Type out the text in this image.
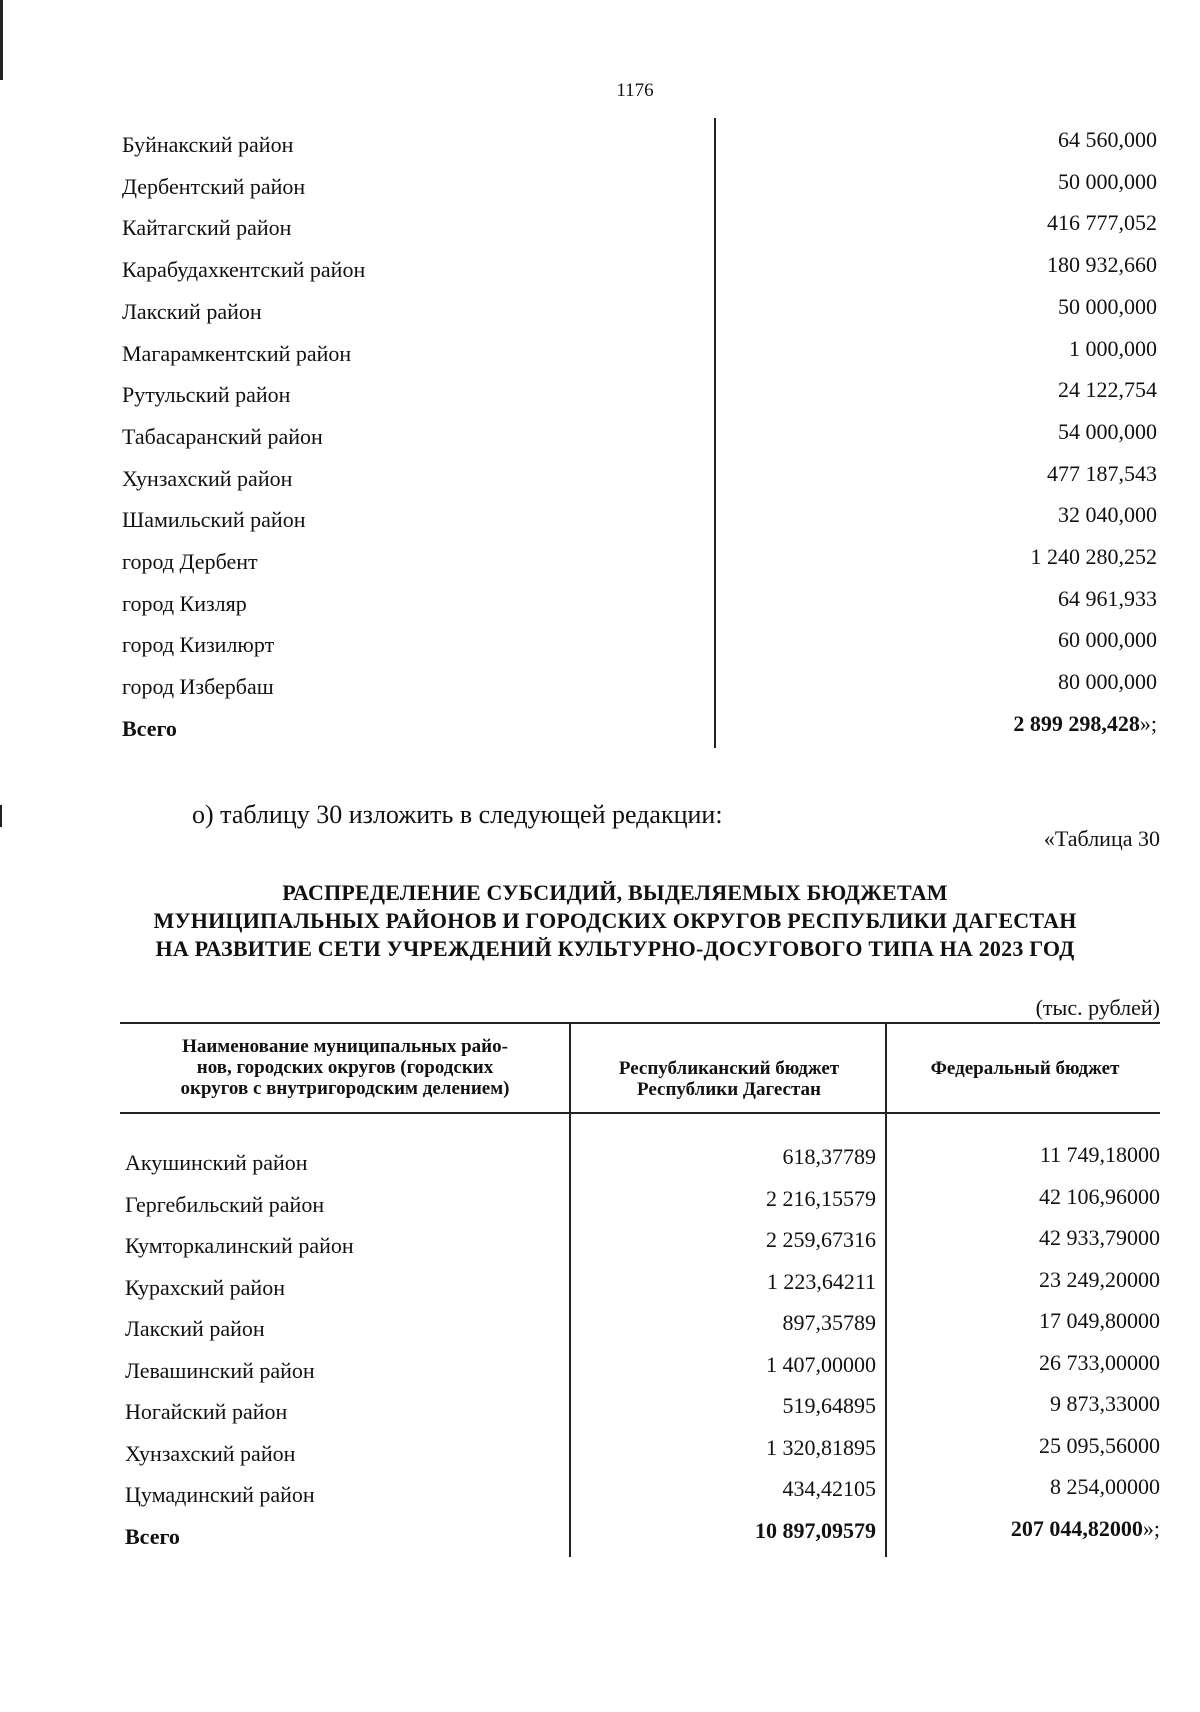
1176
Буйнакский район	64 560,000
Дербентский район	50 000,000
Кайтагский район	416 777,052
Карабудахкентский район	180 932,660
Лакский район	50 000,000
Магарамкентский район	1 000,000
Рутульский район	24 122,754
Табасаранский район	54 000,000
Хунзахский район	477 187,543
Шамильский район	32 040,000
город Дербент	1 240 280,252
город Кизляр	64 961,933
город Кизилюрт	60 000,000
город Избербаш	80 000,000
Всего	2 899 298,428»;
о) таблицу 30 изложить в следующей редакции:
«Таблица 30
РАСПРЕДЕЛЕНИЕ СУБСИДИЙ, ВЫДЕЛЯЕМЫХ БЮДЖЕТАМ
МУНИЦИПАЛЬНЫХ РАЙОНОВ И ГОРОДСКИХ ОКРУГОВ РЕСПУБЛИКИ ДАГЕСТАН
НА РАЗВИТИЕ СЕТИ УЧРЕЖДЕНИЙ КУЛЬТУРНО-ДОСУГОВОГО ТИПА НА 2023 ГОД
(тыс. рублей)
Наименование муниципальных райо-
нов, городских округов (городских
округов с внутригородским делением)
Республиканский бюджет
Республики Дагестан
Федеральный бюджет
Акушинский район	618,37789	11 749,18000
Гергебильский район	2 216,15579	42 106,96000
Кумторкалинский район	2 259,67316	42 933,79000
Курахский район	1 223,64211	23 249,20000
Лакский район	897,35789	17 049,80000
Левашинский район	1 407,00000	26 733,00000
Ногайский район	519,64895	9 873,33000
Хунзахский район	1 320,81895	25 095,56000
Цумадинский район	434,42105	8 254,00000
Всего	10 897,09579	207 044,82000»;
